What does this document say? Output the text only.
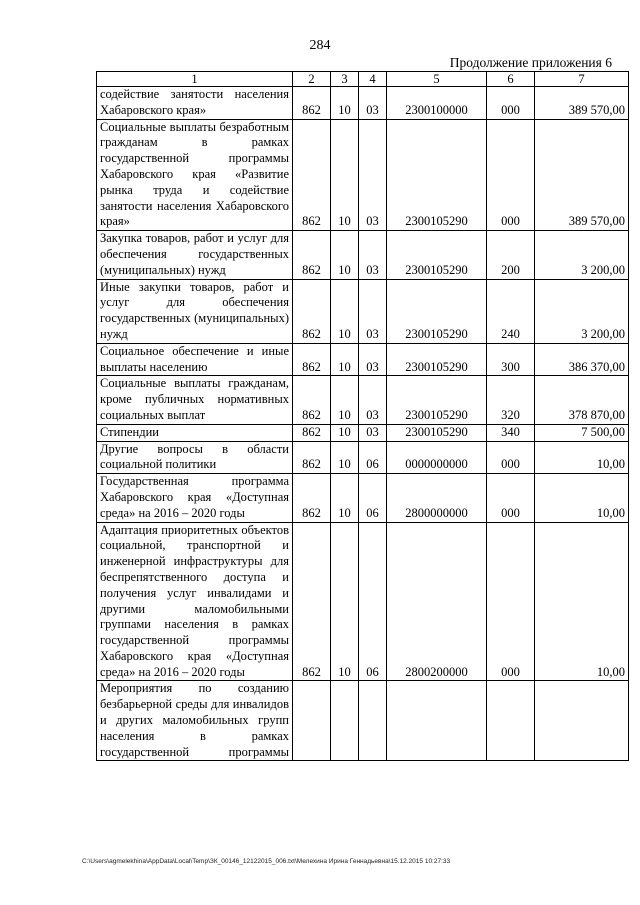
284
Продолжение приложения 6
1	2	3	4	5	6	7
содействие занятости населения Хабаровского края»	862	10	03	2300100000	000	389 570,00
Социальные выплаты безработным гражданам в рамках государственной программы Хабаровского края «Развитие рынка труда и содействие занятости населения Хабаровского края»	862	10	03	2300105290	000	389 570,00
Закупка товаров, работ и услуг для обеспечения государственных (муниципальных) нужд	862	10	03	2300105290	200	3 200,00
Иные закупки товаров, работ и услуг для обеспечения государственных (муниципальных) нужд	862	10	03	2300105290	240	3 200,00
Социальное обеспечение и иные выплаты населению	862	10	03	2300105290	300	386 370,00
Социальные выплаты гражданам, кроме публичных нормативных социальных выплат	862	10	03	2300105290	320	378 870,00
Стипендии	862	10	03	2300105290	340	7 500,00
Другие вопросы в области социальной политики	862	10	06	0000000000	000	10,00
Государственная программа Хабаровского края «Доступная среда» на 2016 – 2020 годы	862	10	06	2800000000	000	10,00
Адаптация приоритетных объектов социальной, транспортной и инженерной инфраструктуры для беспрепятственного доступа и получения услуг инвалидами и другими маломобильными группами населения в рамках государственной программы Хабаровского края «Доступная среда» на 2016 – 2020 годы	862	10	06	2800200000	000	10,00
Мероприятия по созданию безбарьерной среды для инвалидов и других маломобильных групп населения в рамках государственной программы						
C:\Users\agmelekhina\AppData\Local\Temp\ЗК_00146_12122015_006.txt\Мелехина Ирина Геннадьевна\15.12.2015 10:27:33
